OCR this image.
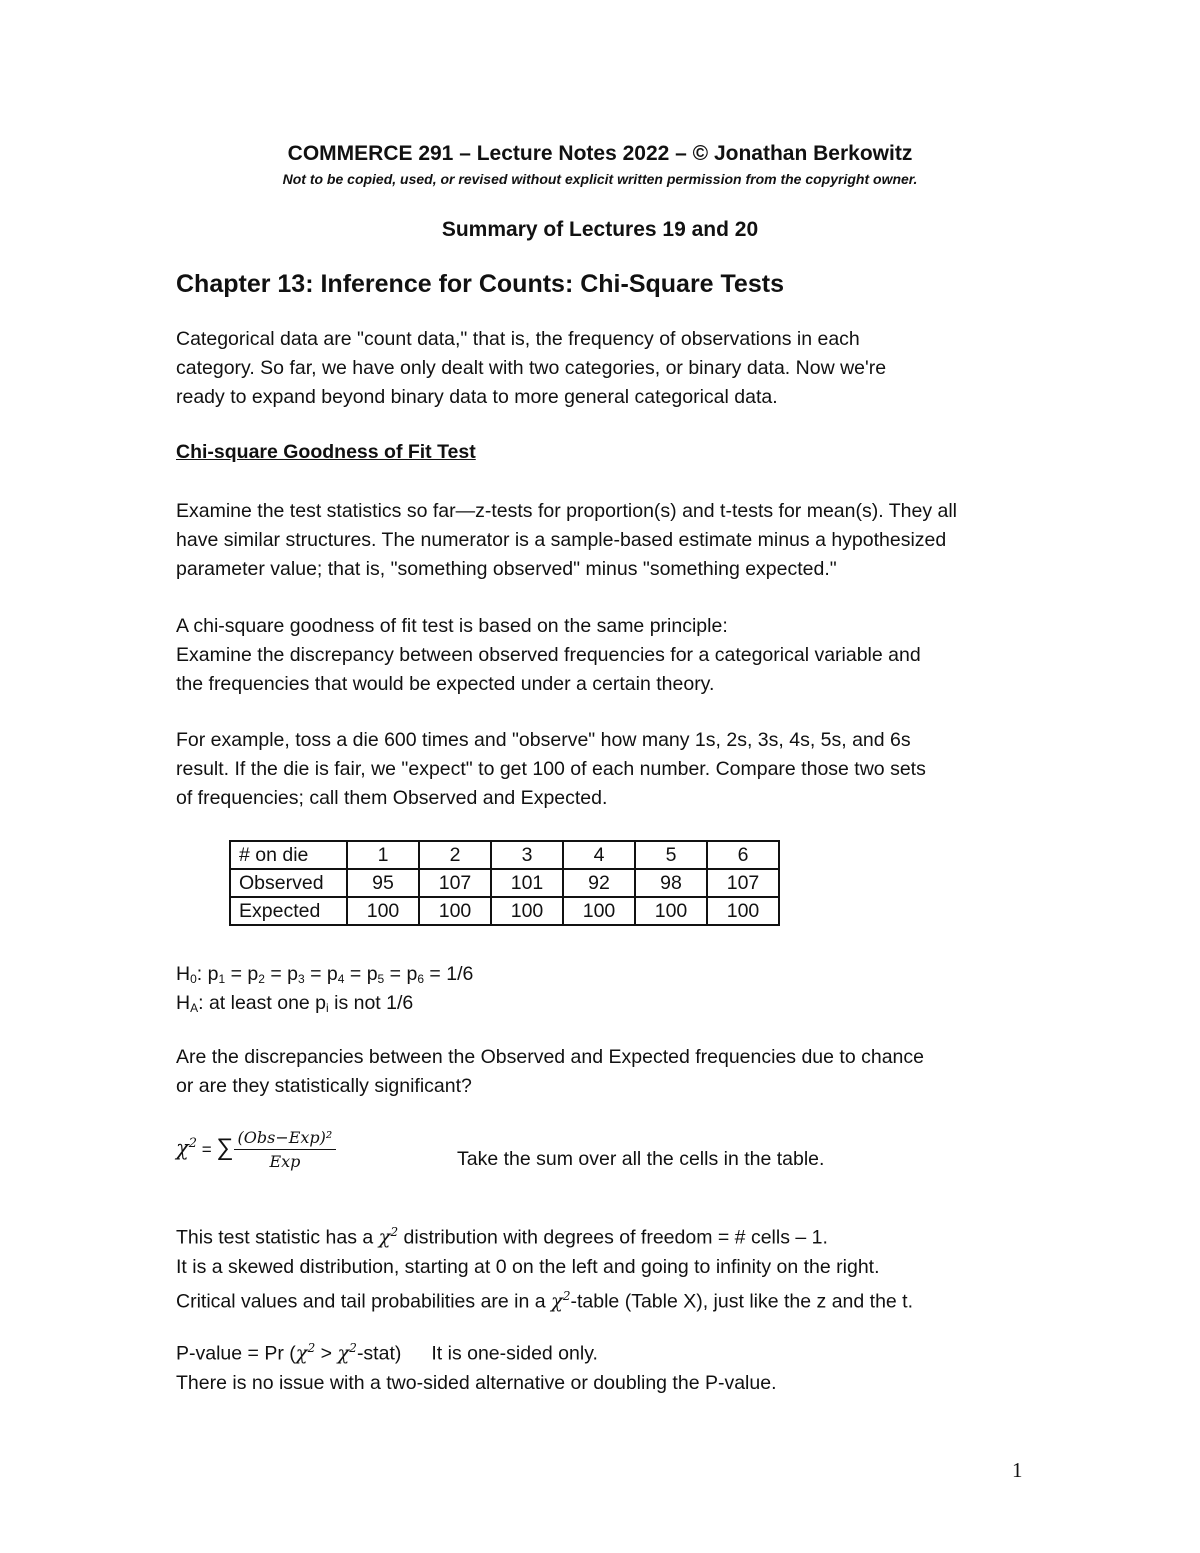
COMMERCE 291 – Lecture Notes 2022 – © Jonathan Berkowitz
Not to be copied, used, or revised without explicit written permission from the copyright owner.
Summary of Lectures 19 and 20
Chapter 13: Inference for Counts: Chi-Square Tests
Categorical data are "count data," that is, the frequency of observations in each
category. So far, we have only dealt with two categories, or binary data. Now we're
ready to expand beyond binary data to more general categorical data.
Chi-square Goodness of Fit Test
Examine the test statistics so far—z-tests for proportion(s) and t-tests for mean(s). They all
have similar structures. The numerator is a sample-based estimate minus a hypothesized
parameter value; that is, "something observed" minus "something expected."
A chi-square goodness of fit test is based on the same principle:
Examine the discrepancy between observed frequencies for a categorical variable and
the frequencies that would be expected under a certain theory.
For example, toss a die 600 times and "observe" how many 1s, 2s, 3s, 4s, 5s, and 6s
result. If the die is fair, we "expect" to get 100 of each number. Compare those two sets
of frequencies; call them Observed and Expected.
# on die	1	2	3	4	5	6
Observed	95	107	101	92	98	107
Expected	100	100	100	100	100	100
$H_0$: $p_1 = p_2 = p_3 = p_4 = p_5 = p_6 = 1/6$
$H_A$: at least one $p_i$ is not 1/6
Are the discrepancies between the Observed and Expected frequencies due to chance
or are they statistically significant?
$\chi^2$ = ∑ $\frac{\text{(Obs−Exp)²}}{\text{Exp}}$	Take the sum over all the cells in the table.
This test statistic has a $\chi^2$ distribution with degrees of freedom = # cells – 1.
It is a skewed distribution, starting at 0 on the left and going to infinity on the right.
Critical values and tail probabilities are in a $\chi^2$-table (Table X), just like the z and the t.
P-value = Pr ($\chi^2$ > $\chi^2-stat$) It is one-sided only.
There is no issue with a two-sided alternative or doubling the P-value.
1
